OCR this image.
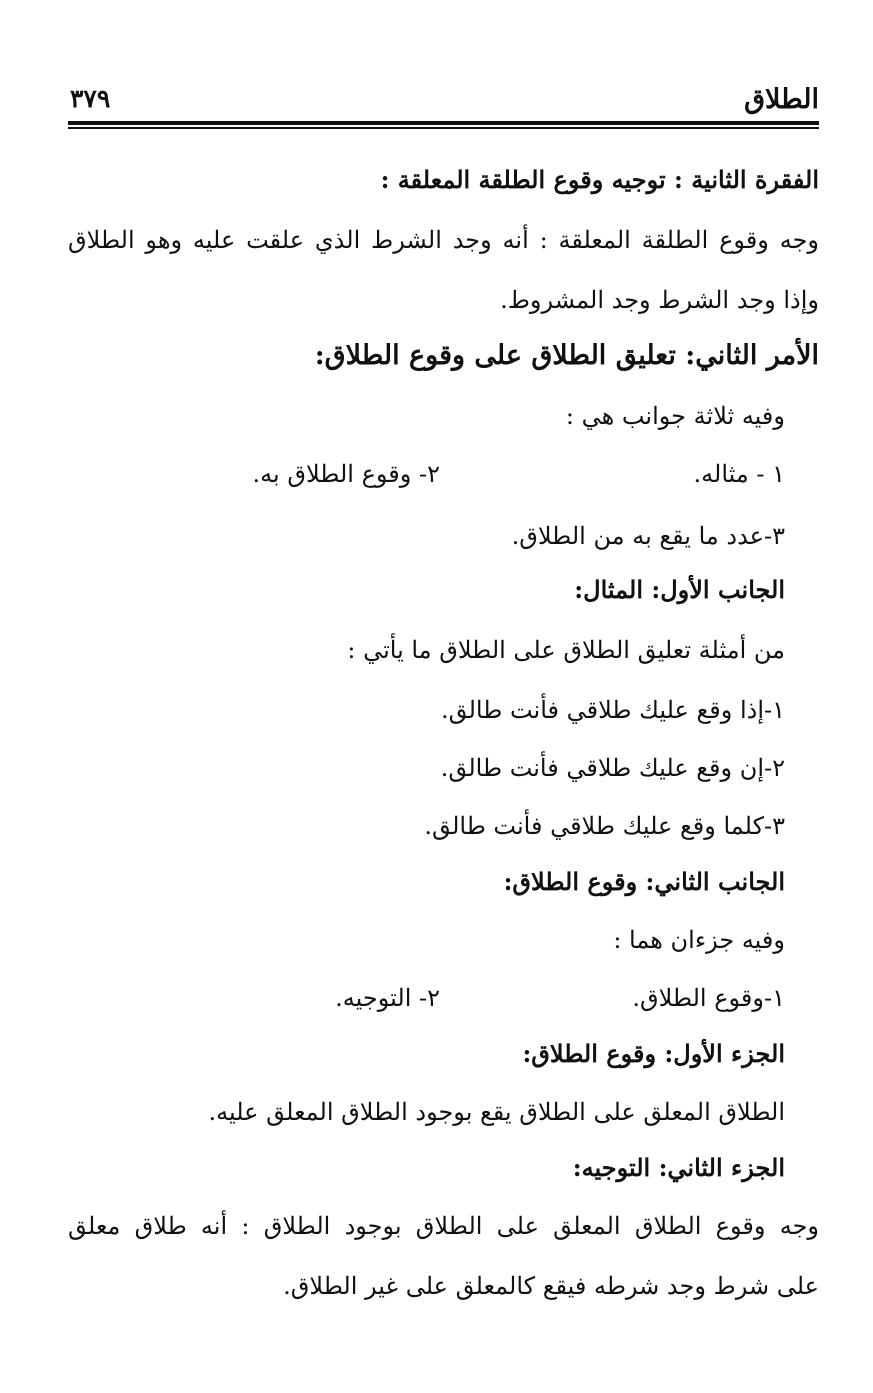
الطلاق
٣٧٩
الفقرة الثانية : توجيه وقوع الطلقة المعلقة :
وجه وقوع الطلقة المعلقة : أنه وجد الشرط الذي علقت عليه وهو الطلاق
وإذا وجد الشرط وجد المشروط.
الأمر الثاني: تعليق الطلاق على وقوع الطلاق:
وفيه ثلاثة جوانب هي :
١ - مثاله.
٢- وقوع الطلاق به.
٣-عدد ما يقع به من الطلاق.
الجانب الأول: المثال:
من أمثلة تعليق الطلاق على الطلاق ما يأتي :
١-إذا وقع عليك طلاقي فأنت طالق.
٢-إن وقع عليك طلاقي فأنت طالق.
٣-كلما وقع عليك طلاقي فأنت طالق.
الجانب الثاني: وقوع الطلاق:
وفيه جزءان هما :
١-وقوع الطلاق.
٢- التوجيه.
الجزء الأول: وقوع الطلاق:
الطلاق المعلق على الطلاق يقع بوجود الطلاق المعلق عليه.
الجزء الثاني: التوجيه:
وجه وقوع الطلاق المعلق على الطلاق بوجود الطلاق : أنه طلاق معلق
على شرط وجد شرطه فيقع كالمعلق على غير الطلاق.
